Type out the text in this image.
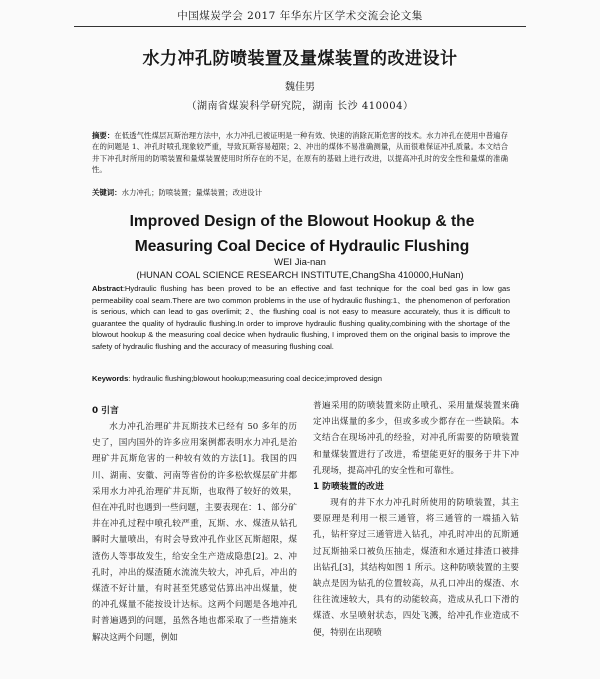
中国煤炭学会 2017 年华东片区学术交流会论文集
水力冲孔防喷装置及量煤装置的改进设计
魏佳男
（湖南省煤炭科学研究院，湖南 长沙 410004）
摘要：在低透气性煤层瓦斯治理方法中，水力冲孔已被证明是一种有效、快速的消除瓦斯危害的技术。水力冲孔在使用中普遍存在的问题是 1、冲孔时喷孔现象较严重，导致瓦斯容易超限；2、冲出的煤体不易准确测量，从而很难保证冲孔质量。本文结合井下冲孔时所用的防喷装置和量煤装置使用时所存在的不足，在原有的基础上进行改进，以提高冲孔时的安全性和量煤的准确性。
关键词：水力冲孔；防喷装置；量煤装置；改进设计
Improved Design of the Blowout Hookup & the Measuring Coal Decice of Hydraulic Flushing
WEI Jia-nan
(HUNAN COAL SCIENCE RESEARCH INSTITUTE,ChangSha 410000,HuNan)
Abstract:Hydraulic flushing has been proved to be an effective and fast technique for the coal bed gas in low gas permeability coal seam.There are two common problems in the use of hydraulic flushing:1、the phenomenon of perforation is serious, which can lead to gas overlimit; 2、the flushing coal is not easy to measure accurately, thus it is difficult to guarantee the quality of hydraulic flushing.In order to improve hydraulic flushing quality,combining with the shortage of the blowout hookup & the measuring coal decice when hydraulic flushing, I improved them on the original basis to improve the safety of hydraulic flushing and the accuracy of measuring flushing coal.
Keywords: hydraulic flushing;blowout hookup;measuring coal decice;improved design
0 引言

水力冲孔治理矿井瓦斯技术已经有 50 多年的历史了，国内国外的许多应用案例都表明水力冲孔是治理矿井瓦斯危害的一种较有效的方法[1]。我国的四川、湖南、安徽、河南等省份的许多松软煤层矿井都采用水力冲孔治理矿井瓦斯，也取得了较好的效果，但在冲孔时也遇到一些问题，主要表现在：1、部分矿井在冲孔过程中喷孔较严重，瓦斯、水、煤渣从钻孔瞬时大量喷出，有时会导致冲孔作业区瓦斯超限，煤渣伤人等事故发生，给安全生产造成隐患[2]。2、冲孔时，冲出的煤渣随水流流失较大，冲孔后，冲出的煤渣不好计量，有时甚至凭感觉估算出冲出煤量，使的冲孔煤量不能按设计达标。这两个问题是各地冲孔时普遍遇到的问题，虽然各地也都采取了一些措施来解决这两个问题，例如

普遍采用的防喷装置来防止喷孔、采用量煤装置来确定冲出煤量的多少，但或多或少都存在一些缺陷。本文结合在现场冲孔的经验，对冲孔所需要的防喷装置和量煤装置进行了改进，希望能更好的服务于井下冲孔现场，提高冲孔的安全性和可靠性。

1 防喷装置的改进

现有的井下水力冲孔时所使用的防喷装置，其主要原理是利用一根三通管，将三通管的一端插入钻孔，钻杆穿过三通管进入钻孔，冲孔时冲出的瓦斯通过瓦斯抽采口被负压抽走，煤渣和水通过排渣口被排出钻孔[3]，其结构如图 1 所示。这种防喷装置的主要缺点是因为钻孔的位置较高，从孔口冲出的煤渣、水往往流速较大，具有的动能较高，造成从孔口下滑的煤渣、水呈喷射状态，四处飞溅，给冲孔作业造成不便，特别在出现喷
